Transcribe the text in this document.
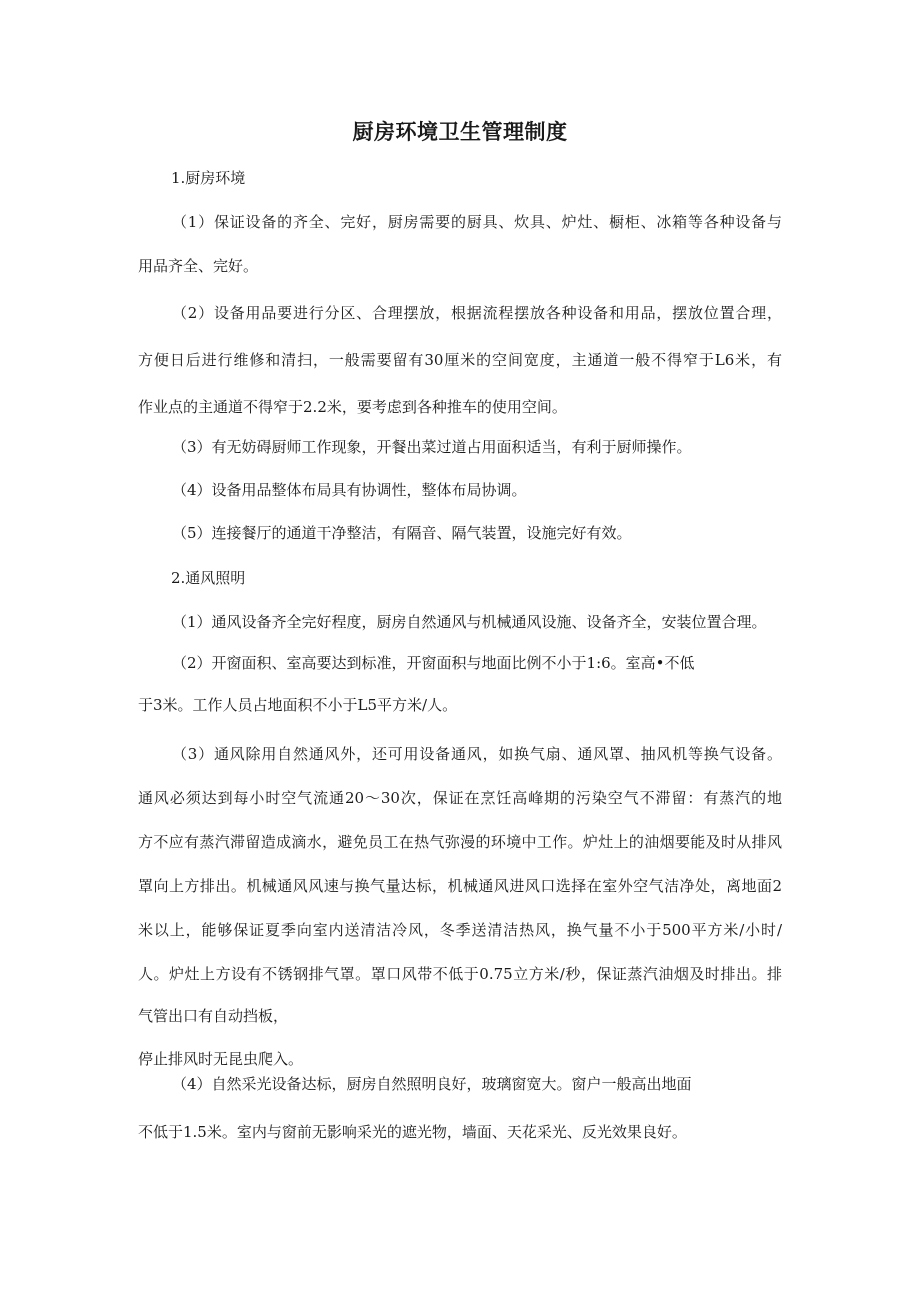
厨房环境卫生管理制度

1.厨房环境

（1）保证设备的齐全、完好，厨房需要的厨具、炊具、炉灶、橱柜、冰箱等各种设备与

用品齐全、完好。

（2）设备用品要进行分区、合理摆放，根据流程摆放各种设备和用品，摆放位置合理，

方便日后进行维修和清扫，一般需要留有30厘米的空间宽度，主通道一般不得窄于L6米，有

作业点的主通道不得窄于2.2米，要考虑到各种推车的使用空间。

（3）有无妨碍厨师工作现象，开餐出菜过道占用面积适当，有利于厨师操作。

（4）设备用品整体布局具有协调性，整体布局协调。

（5）连接餐厅的通道干净整洁，有隔音、隔气装置，设施完好有效。

2.通风照明

（1）通风设备齐全完好程度，厨房自然通风与机械通风设施、设备齐全，安装位置合理。

（2）开窗面积、室高要达到标准，开窗面积与地面比例不小于1:6。室高•不低

于3米。工作人员占地面积不小于L5平方米/人。

（3）通风除用自然通风外，还可用设备通风，如换气扇、通风罩、抽风机等换气设备。

通风必须达到每小时空气流通20～30次，保证在烹饪高峰期的污染空气不滞留：有蒸汽的地

方不应有蒸汽滞留造成滴水，避免员工在热气弥漫的环境中工作。炉灶上的油烟要能及时从排风

罩向上方排出。机械通风风速与换气量达标，机械通风进风口选择在室外空气洁净处，离地面2

米以上，能够保证夏季向室内送清洁冷风，冬季送清洁热风，换气量不小于500平方米/小时/

人。炉灶上方设有不锈钢排气罩。罩口风带不低于0.75立方米/秒，保证蒸汽油烟及时排出。排

气管出口有自动挡板，

停止排风时无昆虫爬入。

（4）自然采光设备达标，厨房自然照明良好，玻璃窗宽大。窗户一般高出地面

不低于1.5米。室内与窗前无影响采光的遮光物，墙面、天花采光、反光效果良好。
